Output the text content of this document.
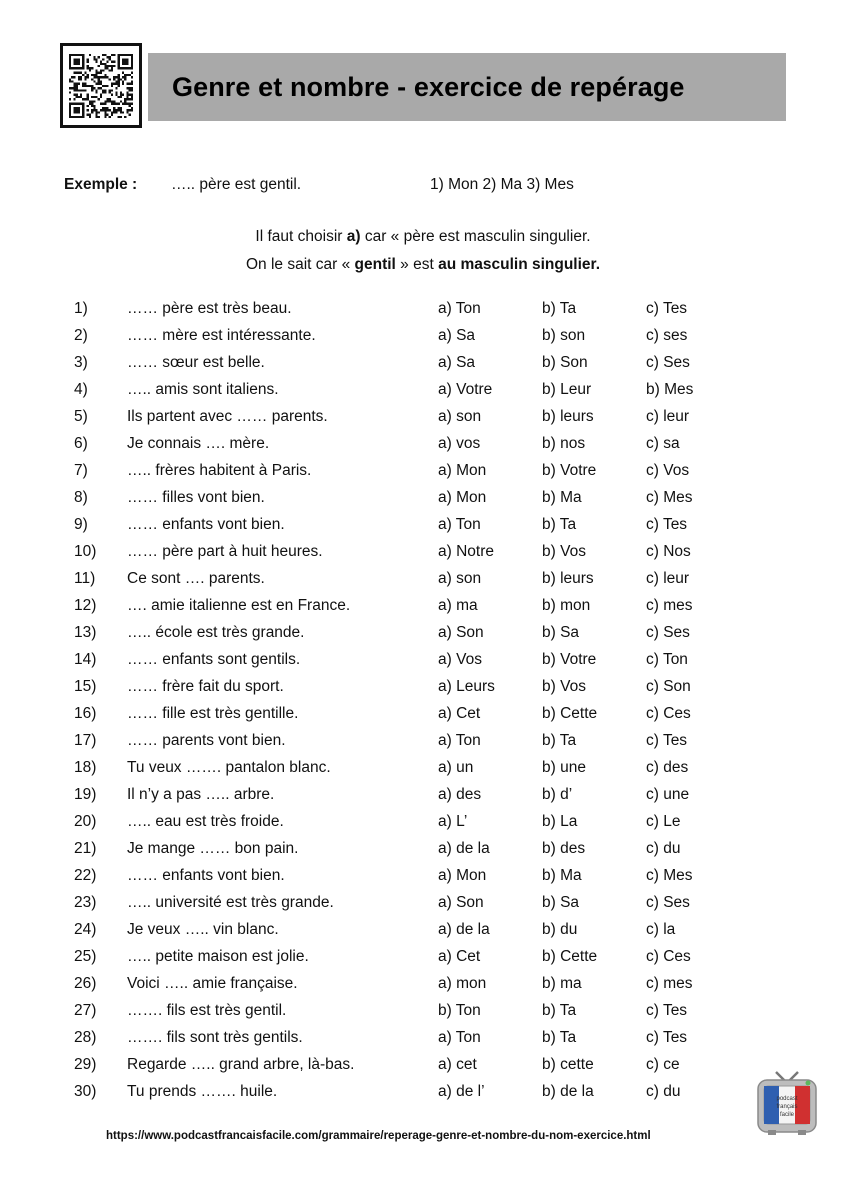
Genre et nombre - exercice de repérage
Exemple : ….. père est gentil.	1) Mon 2) Ma 3) Mes
Il faut choisir a) car « père est masculin singulier.
On le sait car « gentil » est au masculin singulier.
1)	…… père est très beau.	a) Ton	b) Ta	c) Tes
2)	…… mère est intéressante.	a) Sa	b) son	c) ses
3)	…… sœur est belle.	a) Sa	b) Son	c) Ses
4)	….. amis sont italiens.	a) Votre	b) Leur	b) Mes
5)	Ils partent avec …… parents.	a) son	b) leurs	c) leur
6)	Je connais …. mère.	a) vos	b) nos	c) sa
7)	….. frères habitent à Paris.	a) Mon	b) Votre	c) Vos
8)	…… filles vont bien.	a) Mon	b) Ma	c) Mes
9)	…… enfants vont bien.	a) Ton	b) Ta	c) Tes
10) …… père part à huit heures.	a) Notre	b) Vos	c) Nos
11) Ce sont …. parents.	a) son	b) leurs	c) leur
12) …. amie italienne est en France.	a) ma	b) mon	c) mes
13) ….. école est très grande.	a) Son	b) Sa	c) Ses
14) …… enfants sont gentils.	a) Vos	b) Votre	c) Ton
15) …… frère fait du sport.	a) Leurs	b) Vos	c) Son
16) …… fille est très gentille.	a) Cet	b) Cette	c) Ces
17) …… parents vont bien.	a) Ton	b) Ta	c) Tes
18) Tu veux ……. pantalon blanc.	a) un	b) une	c) des
19) Il n’y a pas ….. arbre.	a) des	b) d’	c) une
20) ….. eau est très froide.	a) L’	b) La	c) Le
21) Je mange …… bon pain.	a) de la	b) des	c) du
22) …… enfants vont bien.	a) Mon	b) Ma	c) Mes
23) ….. université est très grande.	a) Son	b) Sa	c) Ses
24) Je veux ….. vin blanc.	a) de la	b) du	c) la
25) ….. petite maison est jolie.	a) Cet	b) Cette	c) Ces
26) Voici ….. amie française.	a) mon	b) ma	c) mes
27) ……. fils est très gentil.	b) Ton	b) Ta	c) Tes
28) ……. fils sont très gentils.	a) Ton	b) Ta	c) Tes
29) Regarde ….. grand arbre, là-bas.	a) cet	b) cette	c) ce
30) Tu prends ……. huile.	a) de l’	b) de la	c) du
https://www.podcastfrancaisfacile.com/grammaire/reperage-genre-et-nombre-du-nom-exercice.html
podcast
français
facile
